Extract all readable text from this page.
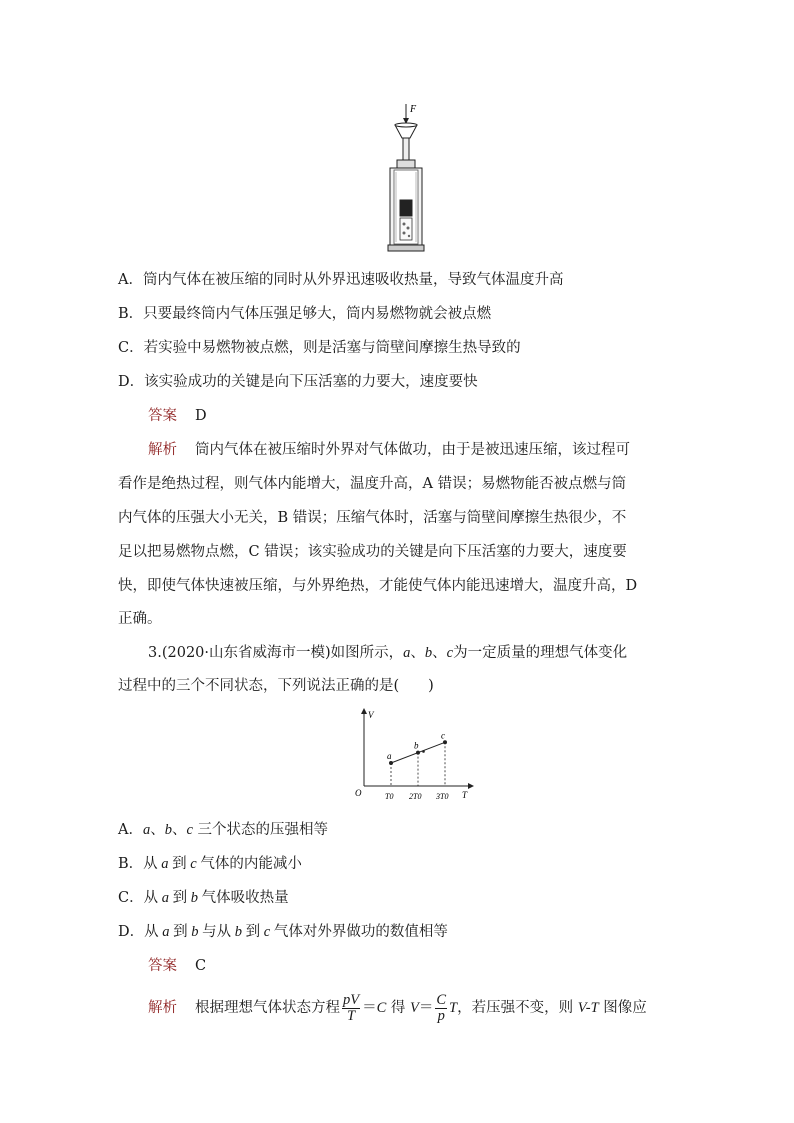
F
A．筒内气体在被压缩的同时从外界迅速吸收热量，导致气体温度升高
B．只要最终筒内气体压强足够大，筒内易燃物就会被点燃
C．若实验中易燃物被点燃，则是活塞与筒壁间摩擦生热导致的
D．该实验成功的关键是向下压活塞的力要大，速度要快
答案 D
解析 筒内气体在被压缩时外界对气体做功，由于是被迅速压缩，该过程可
看作是绝热过程，则气体内能增大，温度升高，A 错误；易燃物能否被点燃与筒
内气体的压强大小无关，B 错误；压缩气体时，活塞与筒壁间摩擦生热很少，不
足以把易燃物点燃，C 错误；该实验成功的关键是向下压活塞的力要大，速度要
快，即使气体快速被压缩，与外界绝热，才能使气体内能迅速增大，温度升高，D
正确。
3.(2020·山东省威海市一模)如图所示，a、b、c为一定质量的理想气体变化
过程中的三个不同状态，下列说法正确的是(　　)
V
T
O
a
T0
b
2T0
c
3T0
A．a、b、c 三个状态的压强相等
B．从 a 到 c 气体的内能减小
C．从 a 到 b 气体吸收热量
D．从 a 到 b 与从 b 到 c 气体对外界做功的数值相等
答案 C
解析 根据理想气体状态方程 $\frac{pV}{T} =C$ 得 $V= \frac{C}{p}$ T，若压强不变，则 V-T 图像应
